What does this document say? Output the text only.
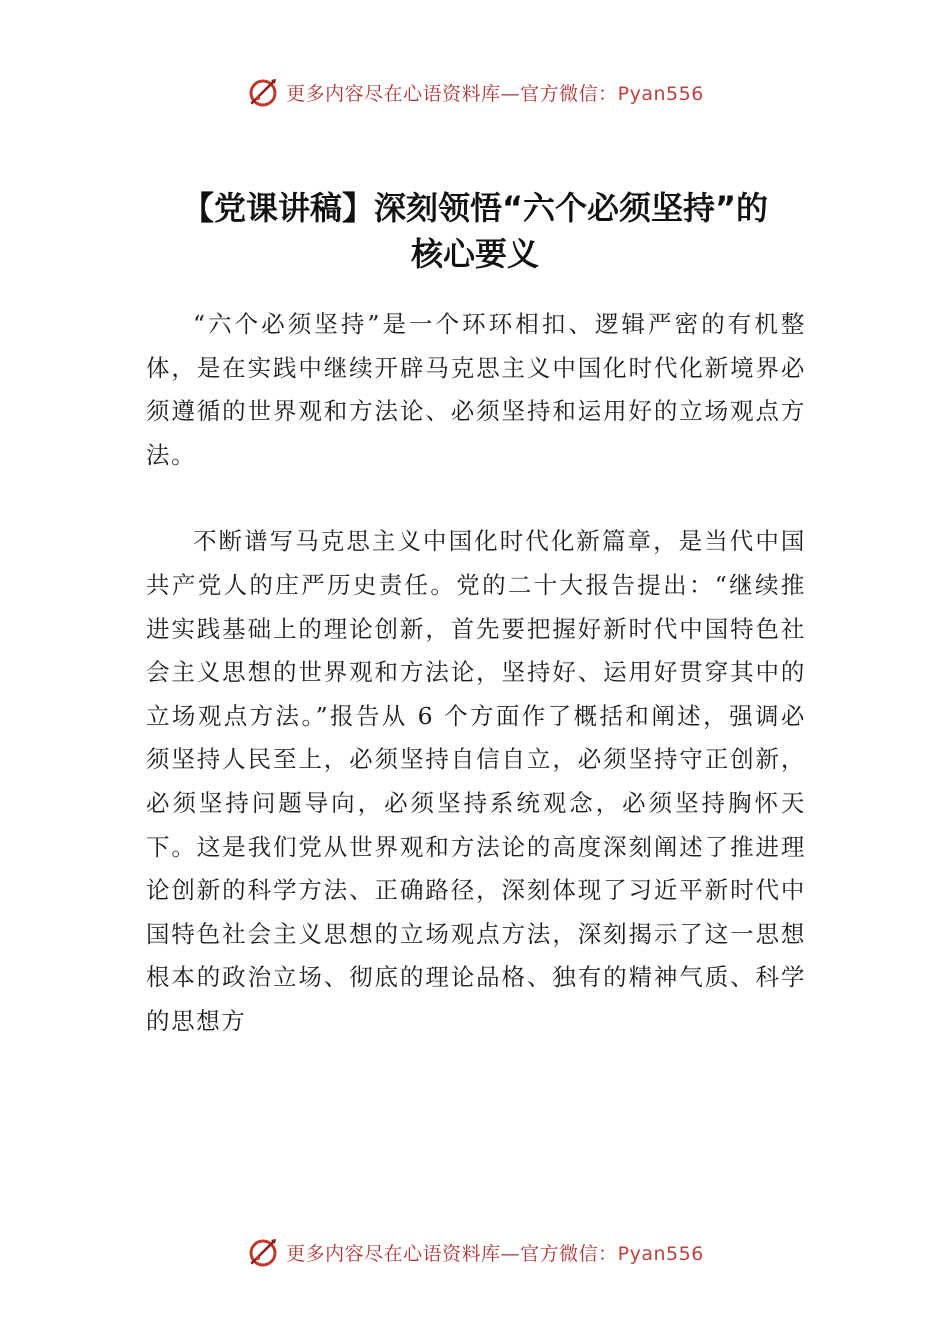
更多内容尽在心语资料库—官方微信：Pyan556
【党课讲稿】深刻领悟“六个必须坚持”的
核心要义

“六个必须坚持”是一个环环相扣、逻辑严密的有机整体，是在实践中继续开辟马克思主义中国化时代化新境界必须遵循的世界观和方法论、必须坚持和运用好的立场观点方法。

不断谱写马克思主义中国化时代化新篇章，是当代中国共产党人的庄严历史责任。党的二十大报告提出：“继续推进实践基础上的理论创新，首先要把握好新时代中国特色社会主义思想的世界观和方法论，坚持好、运用好贯穿其中的立场观点方法。”报告从 6 个方面作了概括和阐述，强调必须坚持人民至上，必须坚持自信自立，必须坚持守正创新，必须坚持问题导向，必须坚持系统观念，必须坚持胸怀天下。这是我们党从世界观和方法论的高度深刻阐述了推进理论创新的科学方法、正确路径，深刻体现了习近平新时代中国特色社会主义思想的立场观点方法，深刻揭示了这一思想根本的政治立场、彻底的理论品格、独有的精神气质、科学的思想方

更多内容尽在心语资料库—官方微信：Pyan556
